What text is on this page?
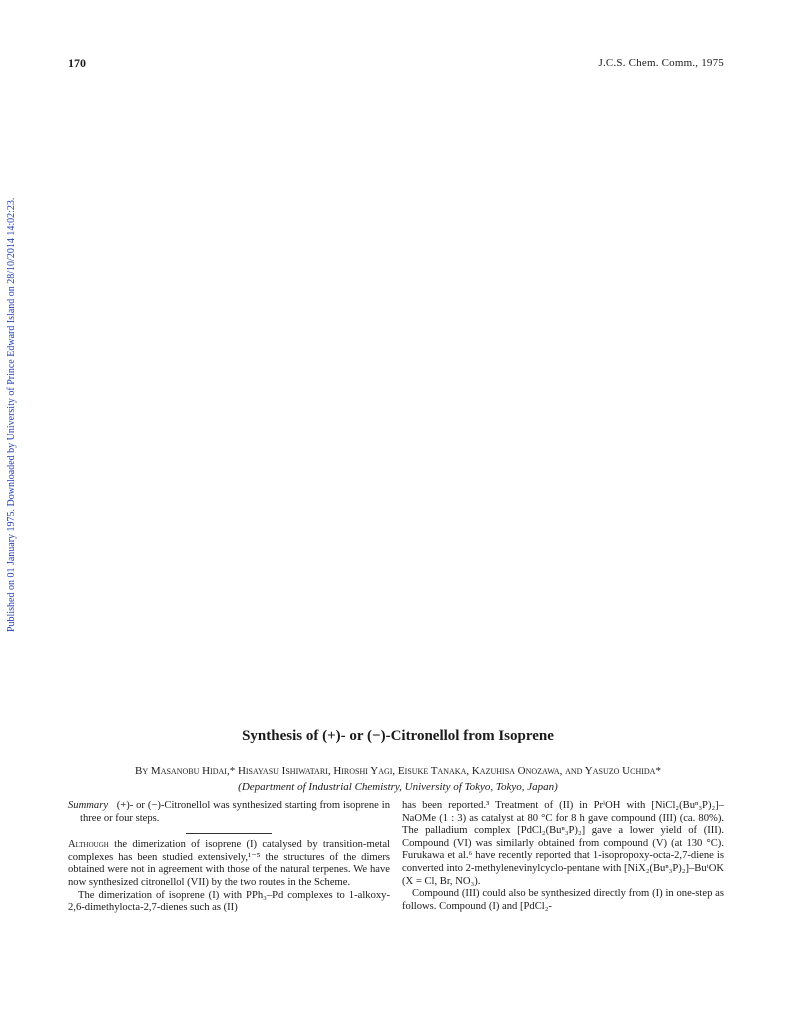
170	J.C.S. Chem. Comm., 1975
Published on 01 January 1975. Downloaded by University of Prince Edward Island on 28/10/2014 14:02:23.
Synthesis of (+)- or (−)-Citronellol from Isoprene
By Masanobu Hidai,* Hisayasu Ishiwatari, Hiroshi Yagi, Eisuke Tanaka, Kazuhisa Onozawa, and Yasuzo Uchida*
(Department of Industrial Chemistry, University of Tokyo, Tokyo, Japan)

Summary (+)- or (−)-Citronellol was synthesized starting from isoprene in three or four steps.

Although the dimerization of isoprene (I) catalysed by transition-metal complexes has been studied extensively,¹⁻⁵ the structures of the dimers obtained were not in agreement with those of the natural terpenes. We have now synthesized citronellol (VII) by the two routes in the Scheme.

The dimerization of isoprene (I) with PPh₃–Pd complexes to 1-alkoxy-2,6-dimethylocta-2,7-dienes such as (II)

has been reported.³ Treatment of (II) in PrⁱOH with [NiCl₂(Buⁿ₃P)₂]–NaOMe (1 : 3) as catalyst at 80 °C for 8 h gave compound (III) (ca. 80%). The palladium complex [PdCl₂(Buⁿ₃P)₂] gave a lower yield of (III). Compound (VI) was similarly obtained from compound (V) (at 130 °C). Furukawa et al.⁶ have recently reported that 1-isopropoxy-octa-2,7-diene is converted into 2-methylenevinylcyclo-pentane with [NiX₂(Buⁿ₃P)₂]–BuᵗOK (X = Cl, Br, NO₃).

Compound (III) could also be synthesized directly from (I) in one-step as follows. Compound (I) and [PdCl₂-
